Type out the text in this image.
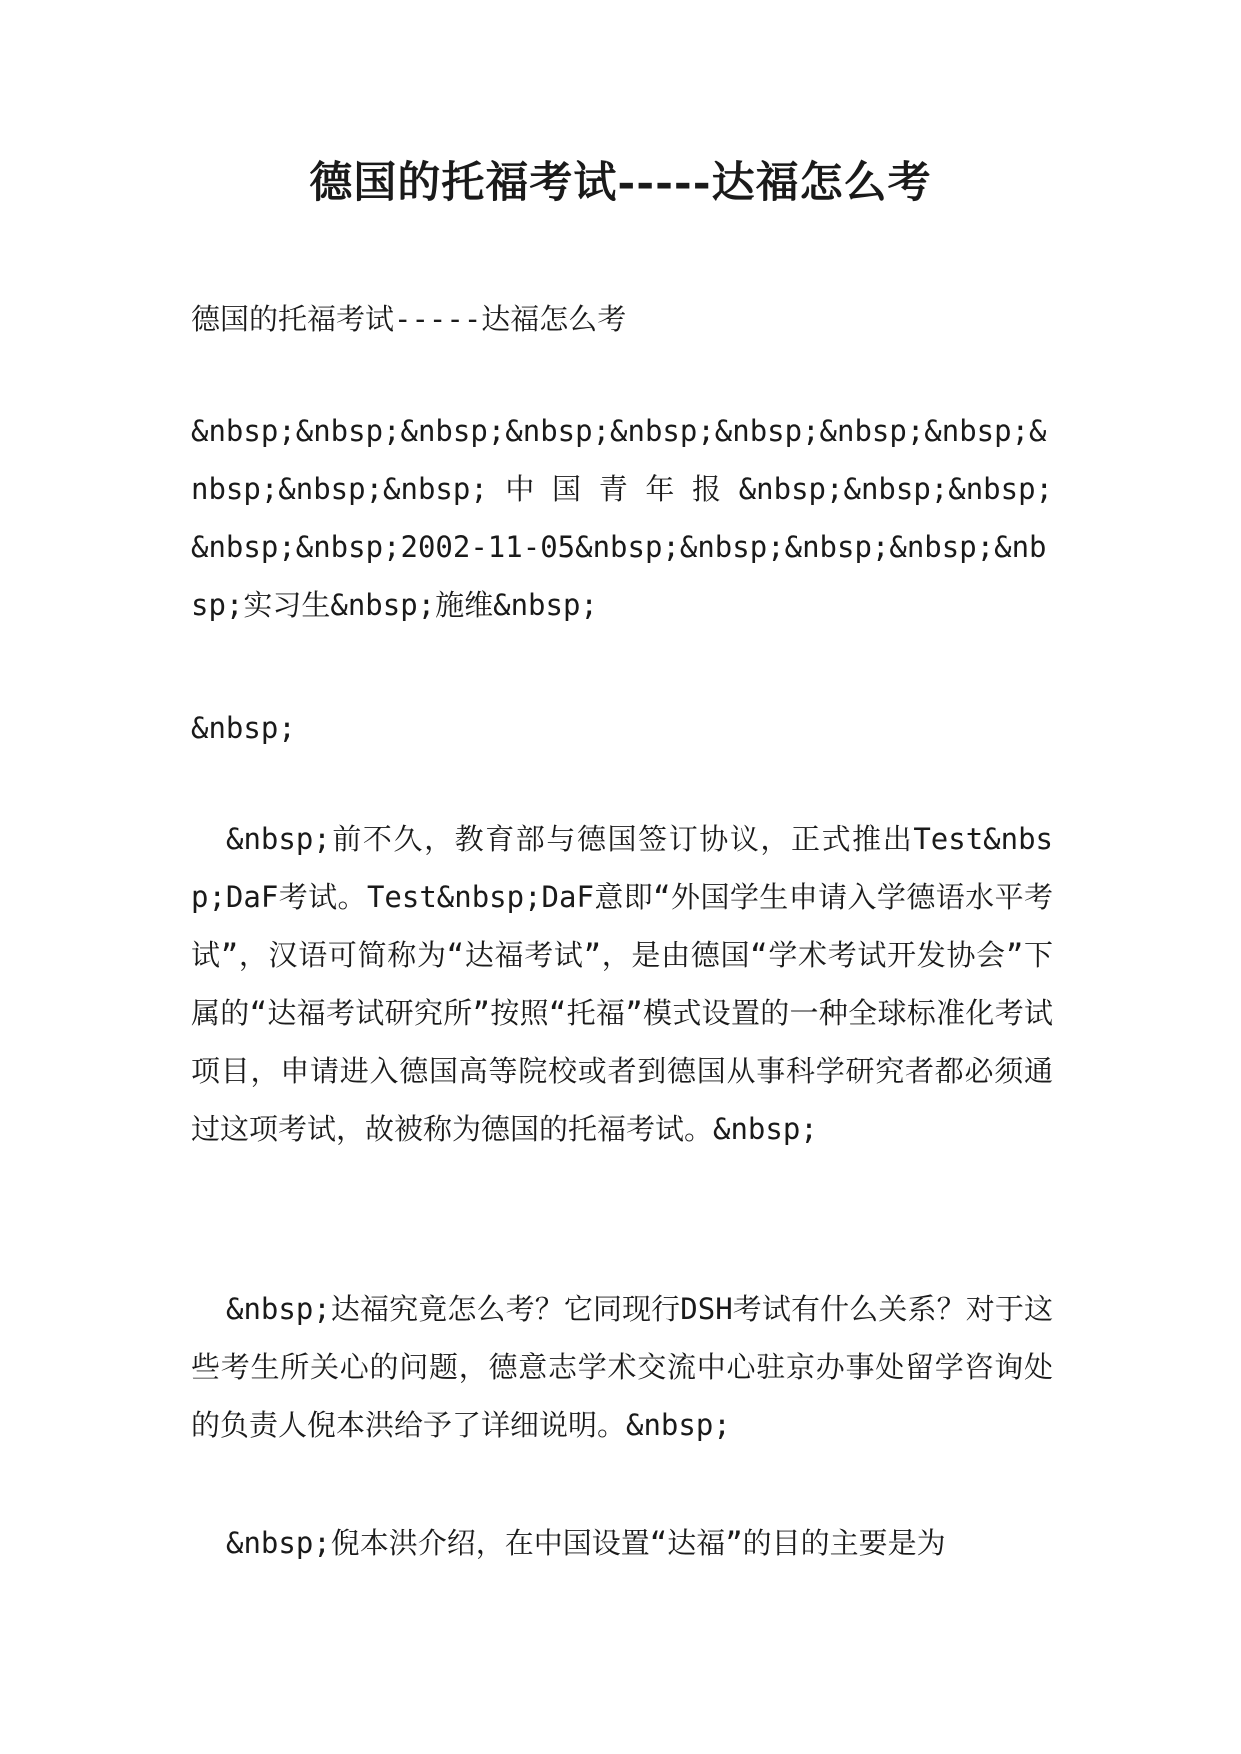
德国的托福考试-----达福怎么考

德国的托福考试-----达福怎么考

&nbsp;&nbsp;&nbsp;&nbsp;&nbsp;&nbsp;&nbsp;&nbsp;&nbsp;&nbsp;&nbsp; 中 国 青 年 报 &nbsp;&nbsp;&nbsp;&nbsp;&nbsp;2002-11-05&nbsp;&nbsp;&nbsp;&nbsp;&nbsp;实习生&nbsp;施维&nbsp;

&nbsp;

&nbsp;前不久，教育部与德国签订协议，正式推出Test&nbsp;DaF考试。Test&nbsp;DaF意即“外国学生申请入学德语水平考试”，汉语可简称为“达福考试”，是由德国“学术考试开发协会”下属的“达福考试研究所”按照“托福”模式设置的一种全球标准化考试项目，申请进入德国高等院校或者到德国从事科学研究者都必须通过这项考试，故被称为德国的托福考试。&nbsp;

&nbsp;达福究竟怎么考？它同现行DSH考试有什么关系？对于这些考生所关心的问题，德意志学术交流中心驻京办事处留学咨询处的负责人倪本洪给予了详细说明。&nbsp;

&nbsp;倪本洪介绍，在中国设置“达福”的目的主要是为
